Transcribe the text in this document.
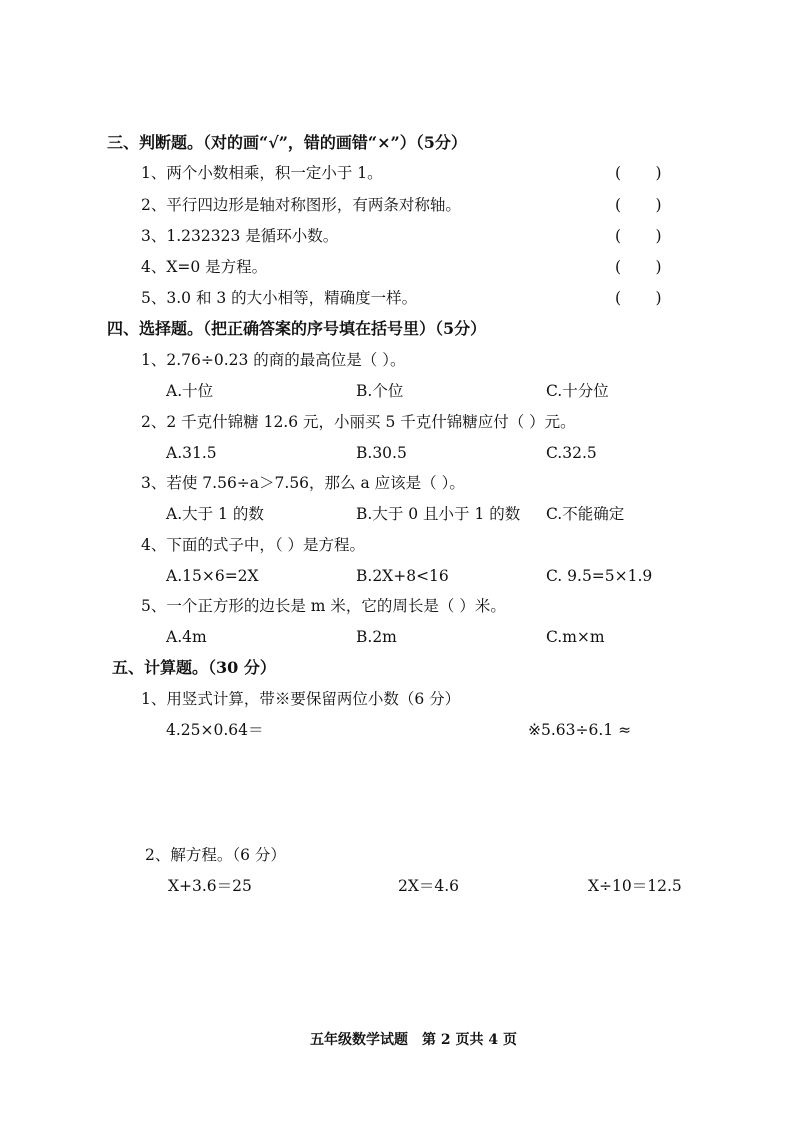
三、判断题。（对的画“√”，错的画错“×”）（5分）
1、两个小数相乘，积一定小于 1。	(       )
2、平行四边形是轴对称图形，有两条对称轴。	(       )
3、1.232323 是循环小数。	(       )
4、X=0 是方程。	(       )
5、3.0 和 3 的大小相等，精确度一样。	(       )
四、选择题。（把正确答案的序号填在括号里）（5分）
1、2.76÷0.23 的商的最高位是（ ）。
A.十位	B.个位	C.十分位
2、2 千克什锦糖 12.6 元，小丽买 5 千克什锦糖应付（ ）元。
A.31.5	B.30.5	C.32.5
3、若使 7.56÷a＞7.56，那么 a 应该是（ ）。
A.大于 1 的数	B.大于 0 且小于 1 的数 C.不能确定
4、下面的式子中，（ ）是方程。
A.15×6=2X	B.2X+8<16	C. 9.5=5×1.9
5、一个正方形的边长是 m 米，它的周长是（ ）米。
A.4m	B.2m	C.m×m
五、计算题。（30 分）
1、用竖式计算，带※要保留两位小数（6 分）
4.25×0.64＝	※5.63÷6.1 ≈
2、解方程。（6 分）
X+3.6＝25	2X＝4.6	X÷10＝12.5
五年级数学试题　第 2 页共 4 页
